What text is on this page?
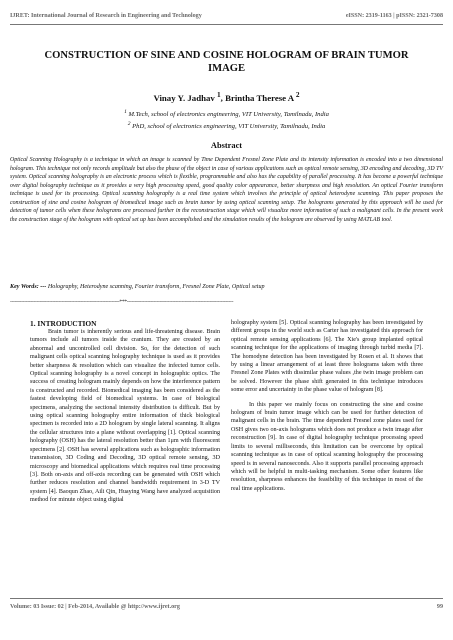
IJRET: International Journal of Research in Engineering and Technology	eISSN: 2319-1163 | pISSN: 2321-7308
CONSTRUCTION OF SINE AND COSINE HOLOGRAM OF BRAIN TUMOR IMAGE
Vinay Y. Jadhav $^1$, Brintha Therese A $^2$
$^1$ M.Tech, school of electronics engineering, VIT University, Tamilnadu, India
$^2$ PhD, school of electronics engineering, VIT University, Tamilnadu, India
Abstract
Optical Scanning Holography is a technique in which an image is scanned by Time Dependent Fresnel Zone Plate and its intensity information is encoded into a two dimensional hologram. This technique not only records amplitude but also the phase of the object in case of various applications such as optical remote sensing, 3D encoding and decoding, 3D TV system. Optical scanning holography is an electronic process which is flexible, programmable and also has the capability of parallel processing. It has become a powerful technique over digital holography technique as it provides a very high processing speed, good quality color appearance, better sharpness and high resolution. An optical Fourier transform technique is used for its processing. Optical scanning holography is a real time system which involves the principle of optical heterodyne scanning. This paper proposes the construction of sine and cosine hologram of biomedical image such as brain tumor by using optical scanning setup. The holograms generated by this approach will be used for detection of tumor cells when these holograms are processed further in the reconstruction stage which will visualize more information of such a malignant cells. In the present work the construction stage of the hologram with optical set up has been accomplished and the simulation results of the hologram are observed by using MATLAB tool.
Key Words: --- Holography, Heterodyne scanning, Fourier transform, Fresnel Zone Plate, Optical setup
----------------------------------------------------------------------***--------------------------------------------------------------------
1. INTRODUCTION

Brain tumor is inherently serious and life-threatening disease. Brain tumors include all tumors inside the cranium. They are created by an abnormal and uncontrolled cell division. So, for the detection of such malignant cells optical scanning holography technique is used as it provides better sharpness & resolution which can visualize the infected tumor cells. Optical scanning holography is a novel concept in holographic optics. The success of creating hologram mainly depends on how the interference pattern is constructed and recorded. Biomedical imaging has been considered as the fastest developing field of biomedical systems. In case of biological specimens, analyzing the sectional intensity distribution is difficult. But by using optical scanning holography entire information of thick biological specimen is recorded into a 2D hologram by single lateral scanning. It aligns the cellular structures into a plane without overlapping [1]. Optical scanning holography (OSH) has the lateral resolution better than 1μm with fluorescent specimens [2]. OSH has several applications such as holographic information transmission, 3D Coding and Decoding, 3D optical remote sensing, 3D microscopy and biomedical applications which requires real time processing [3]. Both on-axis and off-axis recording can be generated with OSH which further reduces resolution and channel bandwidth requirement in 3-D TV system [4]. Baoqun Zhao, Aili Qin, Huaying Wang have analyzed acquisition method for minute object using digital

holography system [5]. Optical scanning holography has been investigated by different groups in the world such as Carter has investigated this approach for optical remote sensing applications [6]. The Xie's group implanted optical scanning technique for the applications of imaging through turbid media [7]. The homodyne detection has been investigated by Rosen et al. It shows that by using a linear arrangement of at least three holograms taken with three Fresnel Zone Plates with dissimilar phase values ,the twin image problem can be solved. However the phase shift generated in this technique introduces some error and uncertainty in the phase value of hologram [8].

In this paper we mainly focus on constructing the sine and cosine hologram of brain tumor image which can be used for further detection of malignant cells in the brain. The time dependent Fresnel zone plates used for OSH gives two on-axis holograms which does not produce a twin image after reconstruction [9]. In case of digital holography technique processing speed limits to several milliseconds, this limitation can be overcome by optical scanning technique as in case of optical scanning holography the processing speed is in several nanoseconds. Also it supports parallel processing approach which will be helpful in multi-tasking mechanism. Some other features like resolution, sharpness enhances the feasibility of this technique in most of the real time applications.

Volume: 03 Issue: 02 | Feb-2014, Available @ http://www.ijret.org	99
